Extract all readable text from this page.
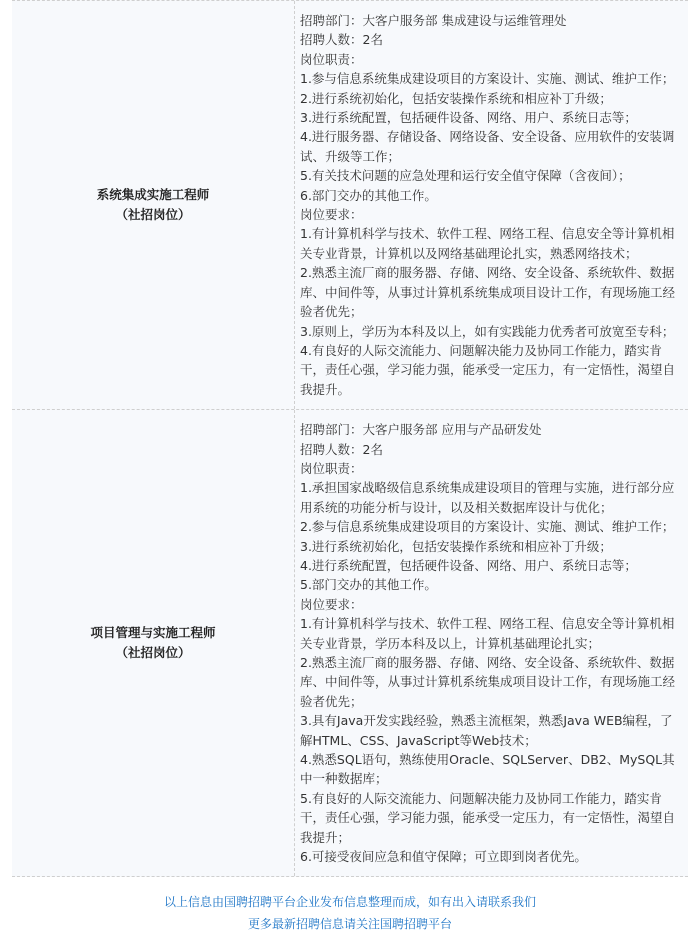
系统集成实施工程师
（社招岗位）
招聘部门：大客户服务部 集成建设与运维管理处
招聘人数：2名
岗位职责：
1.参与信息系统集成建设项目的方案设计、实施、测试、维护工作；
2.进行系统初始化，包括安装操作系统和相应补丁升级；
3.进行系统配置，包括硬件设备、网络、用户、系统日志等；
4.进行服务器、存储设备、网络设备、安全设备、应用软件的安装调试、升级等工作；
5.有关技术问题的应急处理和运行安全值守保障（含夜间）；
6.部门交办的其他工作。
岗位要求：
1.有计算机科学与技术、软件工程、网络工程、信息安全等计算机相关专业背景，计算机以及网络基础理论扎实，熟悉网络技术；
2.熟悉主流厂商的服务器、存储、网络、安全设备、系统软件、数据库、中间件等，从事过计算机系统集成项目设计工作，有现场施工经验者优先；
3.原则上，学历为本科及以上，如有实践能力优秀者可放宽至专科；
4.有良好的人际交流能力、问题解决能力及协同工作能力，踏实肯干，责任心强，学习能力强，能承受一定压力，有一定悟性，渴望自我提升。
项目管理与实施工程师
（社招岗位）
招聘部门：大客户服务部 应用与产品研发处
招聘人数：2名
岗位职责：
1.承担国家战略级信息系统集成建设项目的管理与实施，进行部分应用系统的功能分析与设计，以及相关数据库设计与优化；
2.参与信息系统集成建设项目的方案设计、实施、测试、维护工作；
3.进行系统初始化，包括安装操作系统和相应补丁升级；
4.进行系统配置，包括硬件设备、网络、用户、系统日志等；
5.部门交办的其他工作。
岗位要求：
1.有计算机科学与技术、软件工程、网络工程、信息安全等计算机相关专业背景，学历本科及以上，计算机基础理论扎实；
2.熟悉主流厂商的服务器、存储、网络、安全设备、系统软件、数据库、中间件等，从事过计算机系统集成项目设计工作，有现场施工经验者优先；
3.具有Java开发实践经验，熟悉主流框架，熟悉Java WEB编程，了解HTML、CSS、JavaScript等Web技术；
4.熟悉SQL语句，熟练使用Oracle、SQLServer、DB2、MySQL其中一种数据库；
5.有良好的人际交流能力、问题解决能力及协同工作能力，踏实肯干，责任心强，学习能力强，能承受一定压力，有一定悟性，渴望自我提升；
6.可接受夜间应急和值守保障；可立即到岗者优先。
以上信息由国聘招聘平台企业发布信息整理而成，如有出入请联系我们
更多最新招聘信息请关注国聘招聘平台
